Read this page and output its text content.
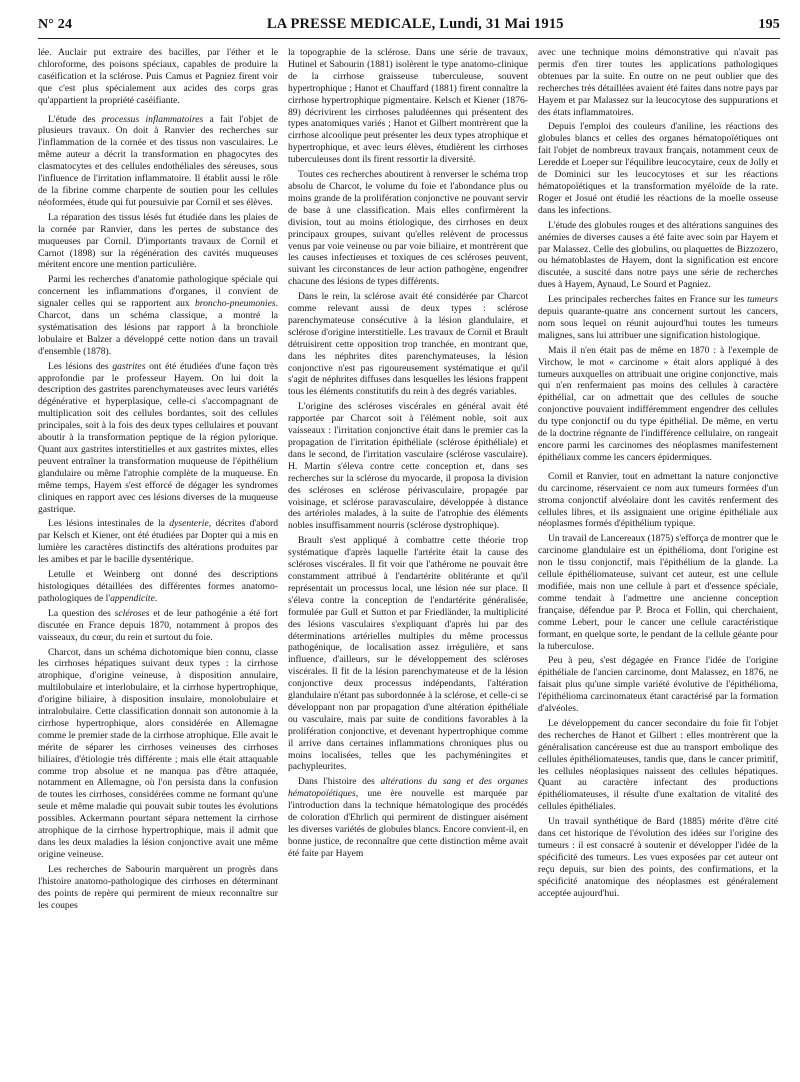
N° 24	LA PRESSE MEDICALE, Lundi, 31 Mai 1915	195

lée. Auclair put extraire des bacilles, par l'éther et le chloroforme, des poisons spéciaux, capables de produire la caséification et la sclérose. Puis Camus et Pagniez firent voir que c'est plus spécialement aux acides des corps gras qu'appartient la propriété caséifiante.

L'étude des processus inflammatoires a fait l'objet de plusieurs travaux. On doit à Ranvier des recherches sur l'inflammation de la cornée et des tissus non vasculaires. Le même auteur a décrit la transformation en phagocytes des clasmatocytes et des cellules endothéliales des séreuses, sous l'influence de l'irritation inflammatoire. Il établit aussi le rôle de la fibrine comme charpente de soutien pour les cellules néoformées, étude qui fut poursuivie par Cornil et ses élèves.

La réparation des tissus lésés fut étudiée dans les plaies de la cornée par Ranvier, dans les pertes de substance des muqueuses par Cornil. D'importants travaux de Cornil et Carnot (1898) sur la régénération des cavités muqueuses méritent encore une mention particulière.

Parmi les recherches d'anatomie pathologique spéciale qui concernent les inflammations d'organes, il convient de signaler celles qui se rapportent aux broncho-pneumonies. Charcot, dans un schéma classique, a montré la systématisation des lésions par rapport à la bronchiole lobulaire et Balzer a développé cette notion dans un travail d'ensemble (1878).

Les lésions des gastrites ont été étudiées d'une façon très approfondie par le professeur Hayem. On lui doit la description des gastrites parenchymateuses avec leurs variétés dégénérative et hyperplasique, celle-ci s'accompagnant de multiplication soit des cellules bordantes, soit des cellules principales, soit à la fois des deux types cellulaires et pouvant aboutir à la transformation peptique de la région pylorique. Quant aux gastrites interstitielles et aux gastrites mixtes, elles peuvent entraîner la transformation muqueuse de l'épithélium glandulaire ou même l'atrophie complète de la muqueuse. En même temps, Hayem s'est efforcé de dégager les syndromes cliniques en rapport avec ces lésions diverses de la muqueuse gastrique.

Les lésions intestinales de la dysenterie, décrites d'abord par Kelsch et Kiener, ont été étudiées par Dopter qui a mis en lumière les caractères distinctifs des altérations produites par les amibes et par le bacille dysentérique.

Letulle et Weinberg ont donné des descriptions histologiques détaillées des différentes formes anatomo-pathologiques de l'appendicite.

La question des scléroses et de leur pathogénie a été fort discutée en France depuis 1870, notamment à propos des vaisseaux, du cœur, du rein et surtout du foie.

Charcot, dans un schéma dichotomique bien connu, classe les cirrhoses hépatiques suivant deux types : la cirrhose atrophique, d'origine veineuse, à disposition annulaire, multilobulaire et interlobulaire, et la cirrhose hypertrophique, d'origine biliaire, à disposition insulaire, monolobulaire et intralobulaire. Cette classification donnait son autonomie à la cirrhose hypertrophique, alors considérée en Allemagne comme le premier stade de la cirrhose atrophique. Elle avait le mérite de séparer les cirrhoses veineuses des cirrhoses biliaires, d'étiologie très différente ; mais elle était attaquable comme trop absolue et ne manqua pas d'être attaquée, notamment en Allemagne, où l'on persista dans la confusion de toutes les cirrhoses, considérées comme ne formant qu'une seule et même maladie qui pouvait subir toutes les évolutions possibles. Ackermann pourtant sépara nettement la cirrhose atrophique de la cirrhose hypertrophique, mais il admit que dans les deux maladies la lésion conjonctive avait une même origine veineuse.

Les recherches de Sabourin marquèrent un progrès dans l'histoire anatomo-pathologique des cirrhoses en déterminant des points de repère qui permirent de mieux reconnaître sur les coupes

la topographie de la sclérose. Dans une série de travaux, Hutinel et Sabourin (1881) isolèrent le type anatomo-clinique de la cirrhose graisseuse tuberculeuse, souvent hypertrophique ; Hanot et Chauffard (1881) firent connaître la cirrhose hypertrophique pigmentaire. Kelsch et Kiener (1876-89) décrivirent les cirrhoses paludéennes qui présentent des types anatomiques variés ; Hanot et Gilbert montrèrent que la cirrhose alcoolique peut présenter les deux types atrophique et hypertrophique, et avec leurs élèves, étudièrent les cirrhoses tuberculeuses dont ils firent ressortir la diversité.

Toutes ces recherches aboutirent à renverser le schéma trop absolu de Charcot, le volume du foie et l'abondance plus ou moins grande de la prolifération conjonctive ne pouvant servir de base à une classification. Mais elles confirmèrent la division, tout au moins étiologique, des cirrhoses en deux principaux groupes, suivant qu'elles relèvent de processus venus par voie veineuse ou par voie biliaire, et montrèrent que les causes infectieuses et toxiques de ces scléroses peuvent, suivant les circonstances de leur action pathogène, engendrer chacune des lésions de types différents.

Dans le rein, la sclérose avait été considérée par Charcot comme relevant aussi de deux types : sclérose parenchymateuse consécutive à la lésion glandulaire, et sclérose d'origine interstitielle. Les travaux de Cornil et Brault détruisirent cette opposition trop tranchée, en montrant que, dans les néphrites dites parenchymateuses, la lésion conjonctive n'est pas rigoureusement systématique et qu'il s'agit de néphrites diffuses dans lesquelles les lésions frappent tous les éléments constitutifs du rein à des degrés variables.

L'origine des scléroses viscérales en général avait été rapportée par Charcot soit à l'élément noble, soit aux vaisseaux : l'irritation conjonctive était dans le premier cas la propagation de l'irritation épithéliale (sclérose épithéliale) et dans le second, de l'irritation vasculaire (sclérose vasculaire). H. Martin s'éleva contre cette conception et, dans ses recherches sur la sclérose du myocarde, il proposa la division des scléroses en sclérose périvasculaire, propagée par voisinage, et sclérose paravasculaire, développée à distance des artérioles malades, à la suite de l'atrophie des éléments nobles insuffisamment nourris (sclérose dystrophique).

Brault s'est appliqué à combattre cette théorie trop systématique d'après laquelle l'artérite était la cause des scléroses viscérales. Il fit voir que l'athérome ne pouvait être constamment attribué à l'endartérite oblitérante et qu'il représentait un processus local, une lésion née sur place. Il s'éleva contre la conception de l'endartérite généralisée, formulée par Gull et Sutton et par Friedländer, la multiplicité des lésions vasculaires s'expliquant d'après lui par des déterminations artérielles multiples du même processus pathogénique, de localisation assez irrégulière, et sans influence, d'ailleurs, sur le développement des scléroses viscérales. Il fit de la lésion parenchymateuse et de la lésion conjonctive deux processus indépendants, l'altération glandulaire n'étant pas subordonnée à la sclérose, et celle-ci se développant non par propagation d'une altération épithéliale ou vasculaire, mais par suite de conditions favorables à la prolifération conjonctive, et devenant hypertrophique comme il arrive dans certaines inflammations chroniques plus ou moins localisées, telles que les pachyméningites et pachypleurites.

Dans l'histoire des altérations du sang et des organes hématopoïétiques, une ère nouvelle est marquée par l'introduction dans la technique hématologique des procédés de coloration d'Ehrlich qui permirent de distinguer aisément les diverses variétés de globules blancs. Encore convient-il, en bonne justice, de reconnaître que cette distinction même avait été faite par Hayem

avec une technique moins démonstrative qui n'avait pas permis d'en tirer toutes les applications pathologiques obtenues par la suite. En outre on ne peut oublier que des recherches très détaillées avaient été faites dans notre pays par Hayem et par Malassez sur la leucocytose des suppurations et des états inflammatoires.

Depuis l'emploi des couleurs d'aniline, les réactions des globules blancs et celles des organes hématopoïétiques ont fait l'objet de nombreux travaux français, notamment ceux de Leredde et Loeper sur l'équilibre leucocytaire, ceux de Jolly et de Dominici sur les leucocytoses et sur les réactions hématopoïétiques et la transformation myéloïde de la rate. Roger et Josué ont étudié les réactions de la moelle osseuse dans les infections.

L'étude des globules rouges et des altérations sanguines des anémies de diverses causes a été faite avec soin par Hayem et par Malassez. Celle des globulins, ou plaquettes de Bizzozero, ou hématoblastes de Hayem, dont la signification est encore discutée, a suscité dans notre pays une série de recherches dues à Hayem, Aynaud, Le Sourd et Pagniez.

Les principales recherches faites en France sur les tumeurs depuis quarante-quatre ans concernent surtout les cancers, nom sous lequel on réunit aujourd'hui toutes les tumeurs malignes, sans lui attribuer une signification histologique.

Mais il n'en était pas de même en 1870 : à l'exemple de Virchow, le mot « carcinome » était alors appliqué à des tumeurs auxquelles on attribuait une origine conjonctive, mais qui n'en renfermaient pas moins des cellules à caractère épithélial, car on admettait que des cellules de souche conjonctive pouvaient indifféremment engendrer des cellules du type conjonctif ou du type épithélial. De même, en vertu de la doctrine régnante de l'indifférence cellulaire, on rangeait encore parmi les carcinomes des néoplasmes manifestement épithéliaux comme les cancers épidermiques.

Cornil et Ranvier, tout en admettant la nature conjonctive du carcinome, réservaient ce nom aux tumeurs formées d'un stroma conjonctif alvéolaire dont les cavités renferment des cellules libres, et ils assignaient une origine épithéliale aux néoplasmes formés d'épithélium typique.

Un travail de Lancereaux (1875) s'efforça de montrer que le carcinome glandulaire est un épithélioma, dont l'origine est non le tissu conjonctif, mais l'épithélium de la glande. La cellule épithéliomateuse, suivant cet auteur, est une cellule modifiée, mais non une cellule à part et d'essence spéciale, comme tendait à l'admettre une ancienne conception française, défendue par P. Broca et Follin, qui cherchaient, comme Lebert, pour le cancer une cellule caractéristique formant, en quelque sorte, le pendant de la cellule géante pour la tuberculose.

Peu à peu, s'est dégagée en France l'idée de l'origine épithéliale de l'ancien carcinome, dont Malassez, en 1876, ne faisait plus qu'une simple variété évolutive de l'épithélioma, l'épithélioma carcinomateux étant caractérisé par la formation d'alvéoles.

Le développement du cancer secondaire du foie fit l'objet des recherches de Hanot et Gilbert : elles montrèrent que la généralisation cancéreuse est due au transport embolique des cellules épithéliomateuses, tandis que, dans le cancer primitif, les cellules néoplasiques naissent des cellules hépatiques. Quant au caractère infectant des productions épithéliomateuses, il résulte d'une exaltation de vitalité des cellules épithéliales.

Un travail synthétique de Bard (1885) mérite d'être cité dans cet historique de l'évolution des idées sur l'origine des tumeurs : il est consacré à soutenir et développer l'idée de la spécificité des tumeurs. Les vues exposées par cet auteur ont reçu depuis, sur bien des points, des confirmations, et la spécificité anatomique des néoplasmes est généralement acceptée aujourd'hui.
